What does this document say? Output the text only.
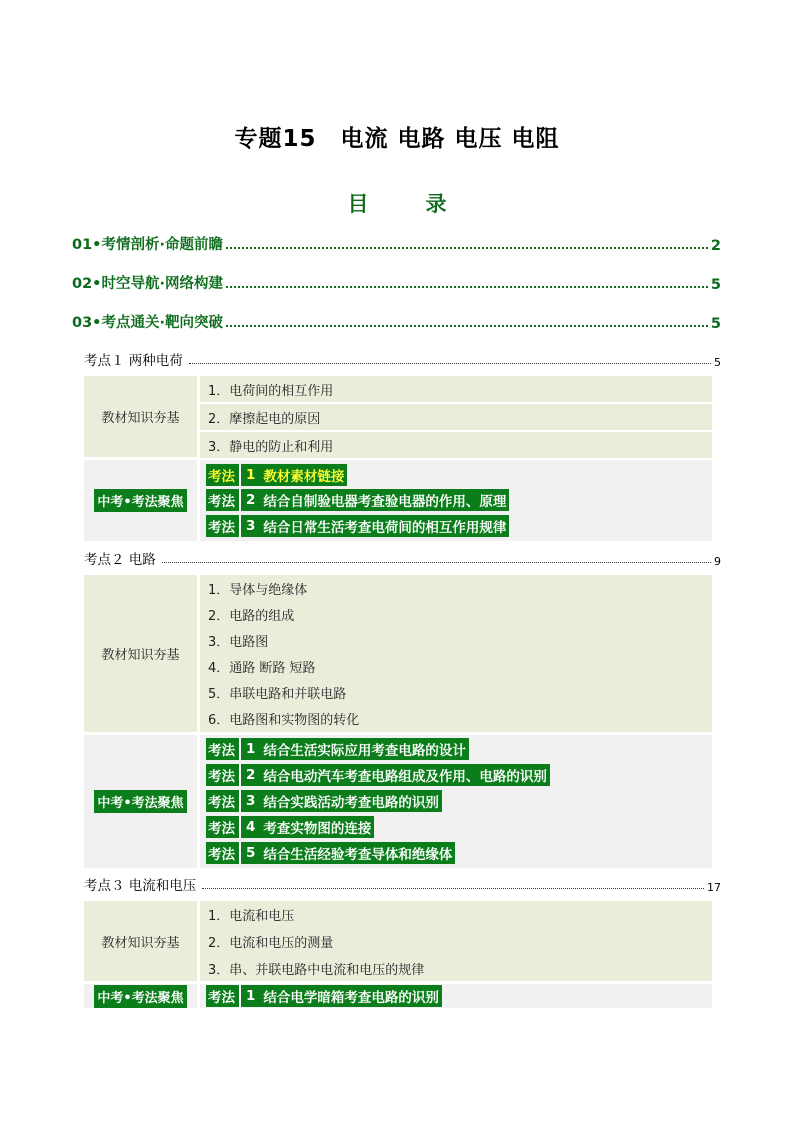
专题15　电流 电路 电压 电阻
目　录
01•考情剖析·命题前瞻	2
02•时空导航·网络构建	5
03•考点通关·靶向突破	5
考点１ 两种电荷	5
教材知识夯基
1．电荷间的相互作用
2．摩擦起电的原因
3．静电的防止和利用
中考•考法聚焦
考法 1 教材素材链接
考法 2 结合自制验电器考查验电器的作用、原理
考法 3 结合日常生活考查电荷间的相互作用规律
考点２ 电路	9
教材知识夯基
1．导体与绝缘体
2．电路的组成
3．电路图
4．通路 断路 短路
5．串联电路和并联电路
6．电路图和实物图的转化
中考•考法聚焦
考法 1 结合生活实际应用考查电路的设计
考法 2 结合电动汽车考查电路组成及作用、电路的识别
考法 3 结合实践活动考查电路的识别
考法 4 考查实物图的连接
考法 5 结合生活经验考查导体和绝缘体
考点３ 电流和电压	17
教材知识夯基
1．电流和电压
2．电流和电压的测量
3．串、并联电路中电流和电压的规律
中考•考法聚焦 考法 1 结合电学暗箱考查电路的识别
